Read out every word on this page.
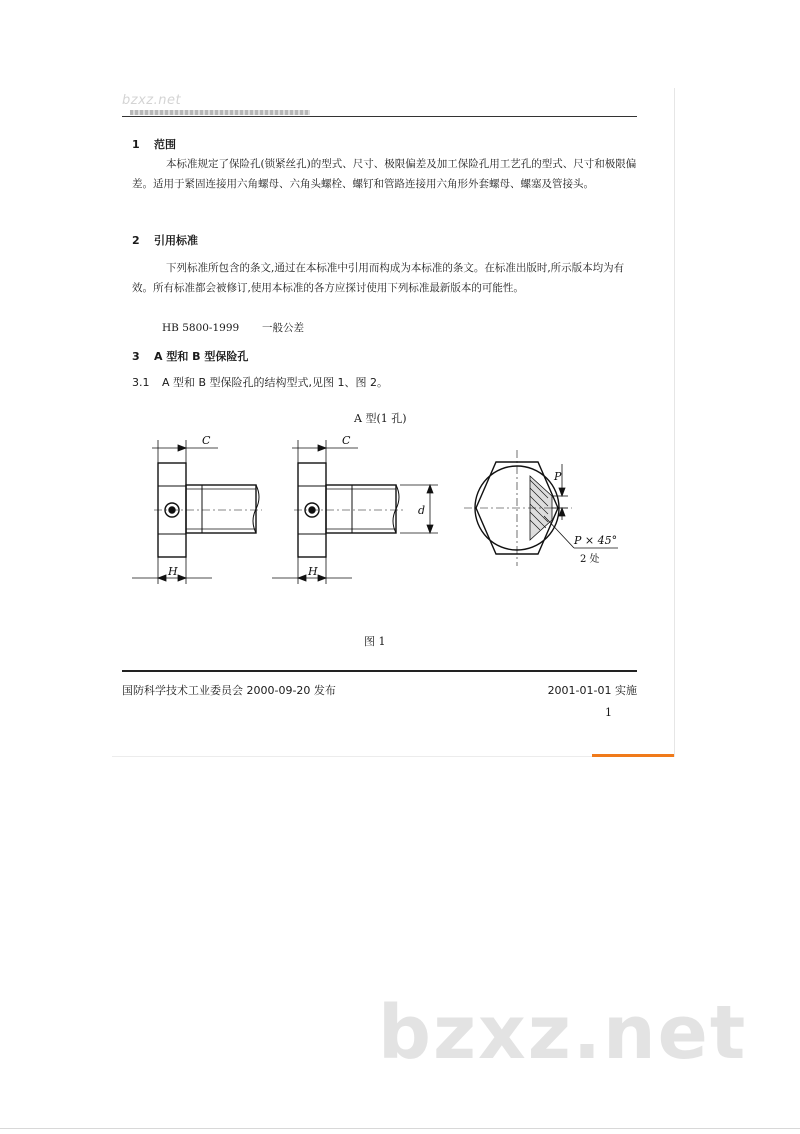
bzxz.net
1 范围
本标准规定了保险孔(锁紧丝孔)的型式、尺寸、极限偏差及加工保险孔用工艺孔的型式、尺寸和极限偏差。适用于紧固连接用六角螺母、六角头螺栓、螺钉和管路连接用六角形外套螺母、螺塞及管接头。
2 引用标准
下列标准所包含的条文,通过在本标准中引用而构成为本标准的条文。在标准出版时,所示版本均为有效。所有标准都会被修订,使用本标准的各方应探讨使用下列标准最新版本的可能性。
HB 5800-1999 一般公差
3 A 型和 B 型保险孔
3.1 A 型和 B 型保险孔的结构型式,见图 1、图 2。
A 型(1 孔)
C	C
H	H
d
P
P × 45°
2 处
图 1
国防科学技术工业委员会 2000-09-20 发布	2001-01-01 实施
1
bzxz.net
